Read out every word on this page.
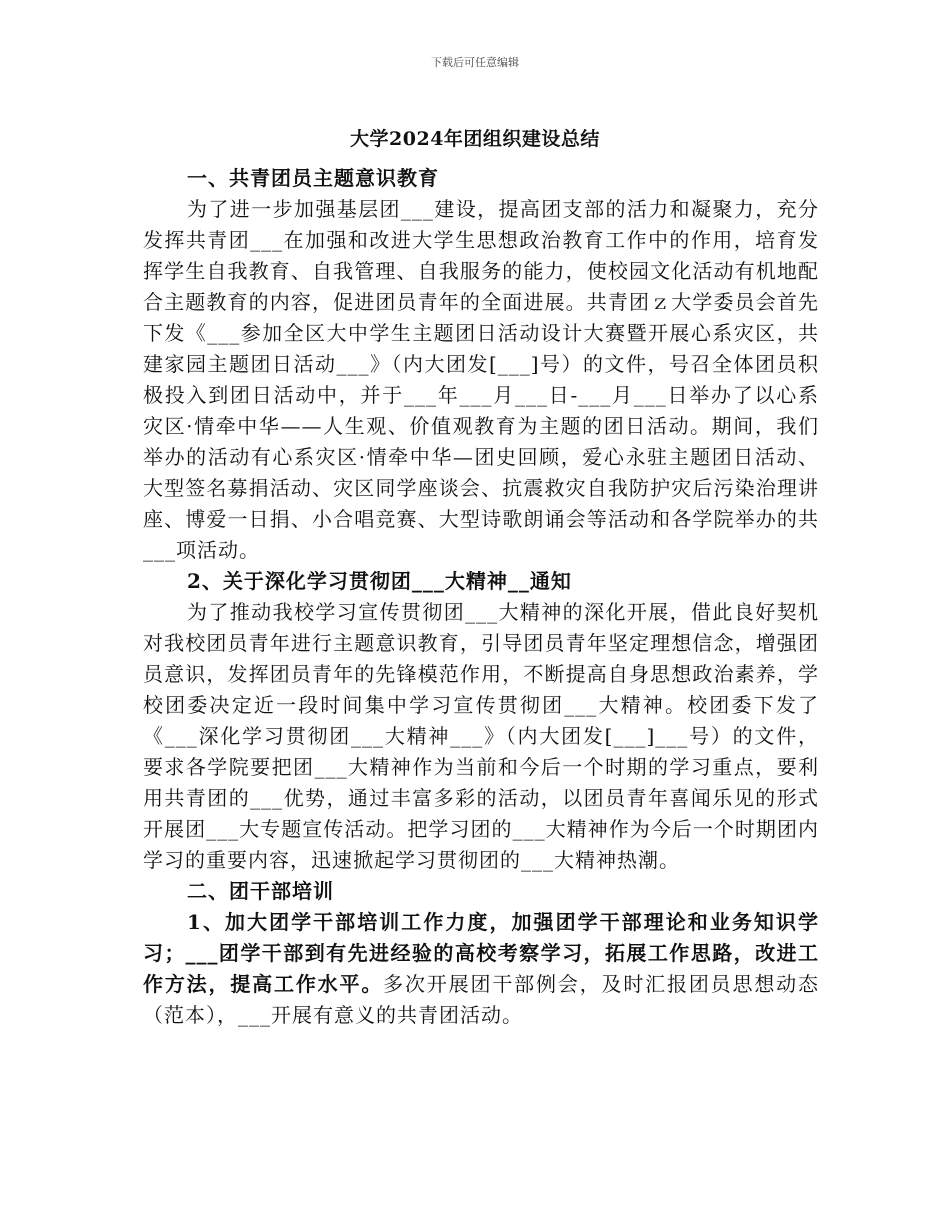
下载后可任意编辑
大学2024年团组织建设总结

一、共青团员主题意识教育

为了进一步加强基层团___建设，提高团支部的活力和凝聚力，充分发挥共青团___在加强和改进大学生思想政治教育工作中的作用，培育发挥学生自我教育、自我管理、自我服务的能力，使校园文化活动有机地配合主题教育的内容，促进团员青年的全面进展。共青团ｚ大学委员会首先下发《___参加全区大中学生主题团日活动设计大赛暨开展心系灾区，共建家园主题团日活动___》（内大团发[___]号）的文件，号召全体团员积极投入到团日活动中，并于___年___月___日-___月___日举办了以心系灾区·情牵中华——人生观、价值观教育为主题的团日活动。期间，我们举办的活动有心系灾区·情牵中华—团史回顾，爱心永驻主题团日活动、大型签名募捐活动、灾区同学座谈会、抗震救灾自我防护灾后污染治理讲座、博爱一日捐、小合唱竞赛、大型诗歌朗诵会等活动和各学院举办的共___项活动。

2、关于深化学习贯彻团___大精神__通知

为了推动我校学习宣传贯彻团___大精神的深化开展，借此良好契机对我校团员青年进行主题意识教育，引导团员青年坚定理想信念，增强团员意识，发挥团员青年的先锋模范作用，不断提高自身思想政治素养，学校团委决定近一段时间集中学习宣传贯彻团___大精神。校团委下发了《___深化学习贯彻团___大精神___》（内大团发[___]___号）的文件，要求各学院要把团___大精神作为当前和今后一个时期的学习重点，要利用共青团的___优势，通过丰富多彩的活动，以团员青年喜闻乐见的形式开展团___大专题宣传活动。把学习团的___大精神作为今后一个时期团内学习的重要内容，迅速掀起学习贯彻团的___大精神热潮。

二、团干部培训

1、加大团学干部培训工作力度，加强团学干部理论和业务知识学习；___团学干部到有先进经验的高校考察学习，拓展工作思路，改进工作方法，提高工作水平。多次开展团干部例会，及时汇报团员思想动态（范本），___开展有意义的共青团活动。
